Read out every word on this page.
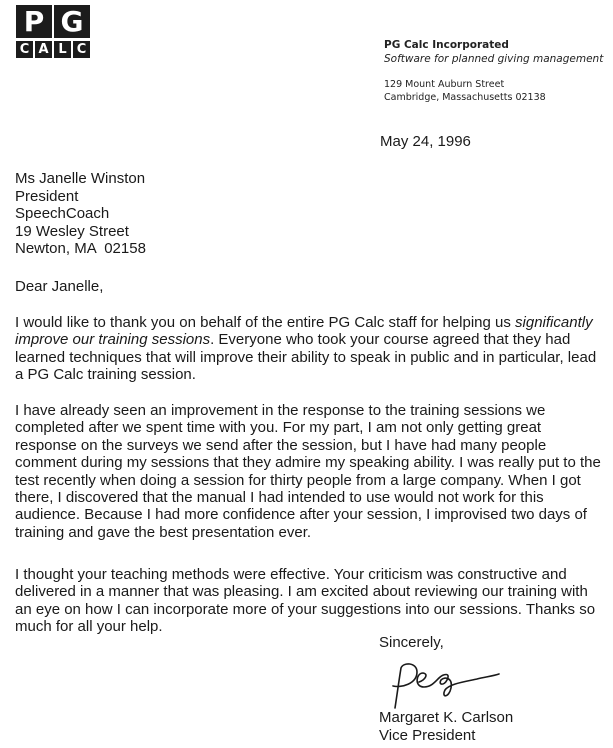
P G
C A L C	PG Calc Incorporated
Software for planned giving management
129 Mount Auburn Street
Cambridge, Massachusetts 02138
May 24, 1996
Ms Janelle Winston
President
SpeechCoach
19 Wesley Street
Newton, MA  02158
Dear Janelle,

I would like to thank you on behalf of the entire PG Calc staff for helping us significantly improve our training sessions. Everyone who took your course agreed that they had learned techniques that will improve their ability to speak in public and in particular, lead a PG Calc training session.

I have already seen an improvement in the response to the training sessions we completed after we spent time with you. For my part, I am not only getting great response on the surveys we send after the session, but I have had many people comment during my sessions that they admire my speaking ability. I was really put to the test recently when doing a session for thirty people from a large company. When I got there, I discovered that the manual I had intended to use would not work for this audience. Because I had more confidence after your session, I improvised two days of training and gave the best presentation ever.

I thought your teaching methods were effective. Your criticism was constructive and delivered in a manner that was pleasing. I am excited about reviewing our training with an eye on how I can incorporate more of your suggestions into our sessions. Thanks so much for all your help.

Sincerely,
Margaret K. Carlson
Vice President
